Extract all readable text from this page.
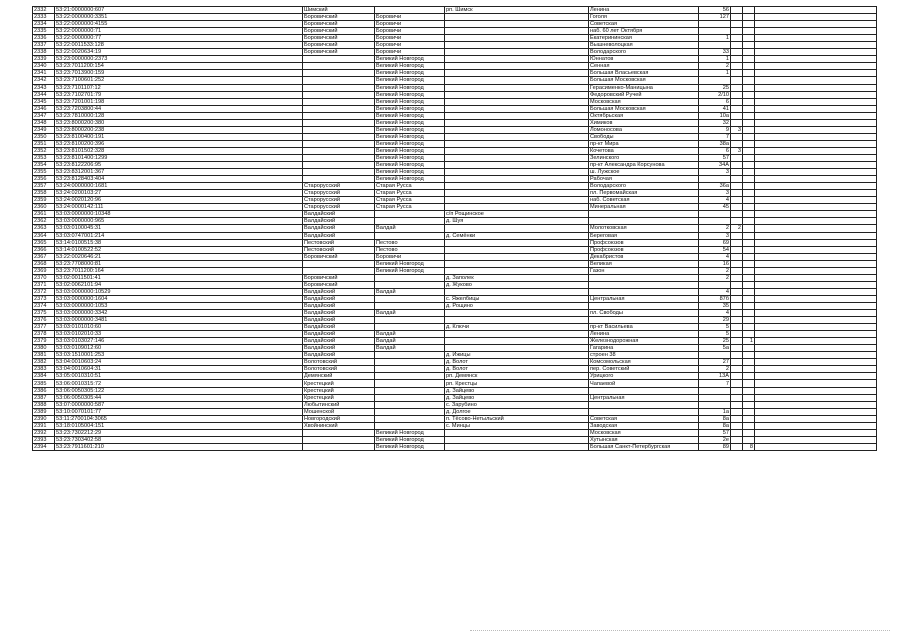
2332	53:21:0000000:607	Шимский		рп. Шимск	Ленина	56			
2333	53:22:0000000:3351	Боровичский	Боровичи		Гоголя	127			
2334	53:22:0000000:4155	Боровичский	Боровичи		Советская				
2335	53:22:0000000:71	Боровичский	Боровичи		наб. 60 лет Октября				
2336	53:22:0000000:77	Боровичский	Боровичи		Екатерининская	1			
2337	53:22:0011533:128	Боровичский	Боровичи		Вышневолоцкая				
2338	53:22:0020634:19	Боровичский	Боровичи		Володарского	33			
2339	53:23:0000000:2373		Великий Новгород		Юннатов	1			
2340	53:23:7011200:154		Великий Новгород		Сенная	2			
2341	53:23:7013900:159		Великий Новгород		Большая Власьевская	1			
2342	53:23:7100601:252		Великий Новгород		Большая Московская				
2343	53:23:7101107:12		Великий Новгород		Герасименко-Маницына	25			
2344	53:23:7102701:79		Великий Новгород		Федоровский Ручей	2/10			
2345	53:23:7201001:198		Великий Новгород		Московская	6			
2346	53:23:7203800:44		Великий Новгород		Большая Московская	41			
2347	53:23:7810000:128		Великий Новгород		Октябрьская	10а			
2348	53:23:8000200:380		Великий Новгород		Химиков	32			
2349	53:23:8000200:238		Великий Новгород		Ломоносова	9	3		
2350	53:23:8100400:191		Великий Новгород		Свободы	7			
2351	53:23:8100200:396		Великий Новгород		пр-кт Мира	38а			
2352	53:23:8101502:328		Великий Новгород		Кочетова	6	3		
2353	53:23:8101400:1299		Великий Новгород		Зелинского	57			
2354	53:23:8122206:95		Великий Новгород		пр-кт Александра Корсунова	34А			
2355	53:23:8312001:367		Великий Новгород		ш. Лужское	3			
2356	53:23:8128403:404		Великий Новгород		Рабочая				
2357	53:24:0000000:1681	Старорусский	Старая Русса		Володарского	36а			
2358	53:24:0200103:27	Старорусский	Старая Русса		пл. Первомайская	3			
2359	53:24:0020120:96	Старорусский	Старая Русса		наб. Советская	4			
2360	53:24:0000142:111	Старорусский	Старая Русса		Минеральная	45			
2361	53:03:0000000:10348	Валдайский		с/п Рощинское					
2362	53:03:0000000:965	Валдайский		д. Шуя					
2363	53:03:0100045:31	Валдайский	Валдай		Молотковская	2	2		
2364	53:03:0747001:214	Валдайский		д. Семёнки	Береговая	3			
2365	53:14:0100515:38	Пестовский	Пестово		Профсоюзов	69			
2366	53:14:0100522:52	Пестовский	Пестово		Профсоюзов	54			
2367	53:22:0020646:21	Боровичский	Боровичи		Декабристов	4			
2368	53:23:7708000:81		Великий Новгород		Великая	16			
2369	53:23:7011200:164		Великий Новгород		Газон	2			
2370	53:02:0011501:41	Боровичский		д. Заполек		2			
2371	53:02:0062101:94	Боровичский		д. Жуково					
2372	53:03:0000000:10529	Валдайский	Валдай			4			
2373	53:03:0000000:1604	Валдайский		с. Яжелбицы	Центральная	87б			
2374	53:03:0000000:1053	Валдайский		д. Рощино		35			
2375	53:03:0000000:3342	Валдайский	Валдай		пл. Свободы	4			
2376	53:03:0000000:3481	Валдайский				29			
2377	53:03:0101010:60	Валдайский		д. Ключи	пр-кт Васильева	5			
2378	53:03:0102010:33	Валдайский	Валдай		Ленина	5			
2379	53:03:0103027:146	Валдайский	Валдай		Железнодорожная	25		1	
2380	53:03:0109012:60	Валдайский	Валдай		Гагарина	5а			
2381	53:03:1510001:253	Валдайский		д. Ижицы	строен 38				
2382	53:04:0010603:24	Волотовский		д. Волот	Комсомольская	27			
2383	53:04:0010604:31	Волотовский		д. Волот	пер. Советский	2			
2384	53:05:0010310:51	Демянский		рп. Демянск	Урицкого	13А			
2385	53:06:0010315:72	Крестецкий		рп. Крестцы	Чапаевой	7			
2386	53:06:0050305:122	Крестецкий		д. Зайцево					
2387	53:06:0050305:44	Крестецкий		д. Зайцево	Центральная				
2388	53:07:0000000:587	Любытинский		с. Зарубино					
2389	53:10:0070101:77	Мошенской		д. Долгое		1а			
2390	53:11:2700104:3065	Новгородский		п. Тёсово-Нетыльский	Советская	8а			
2391	53:18:0105004:151	Хвойнинский		с. Минцы	Заводская	8а			
2392	53:23:7302212:29		Великий Новгород		Московская	57			
2393	53:23:7303402:58		Великий Новгород		Хутынская	2е			
2394	53:23:7911601:210		Великий Новгород		Большая Санкт-Петербургская	89		8	
